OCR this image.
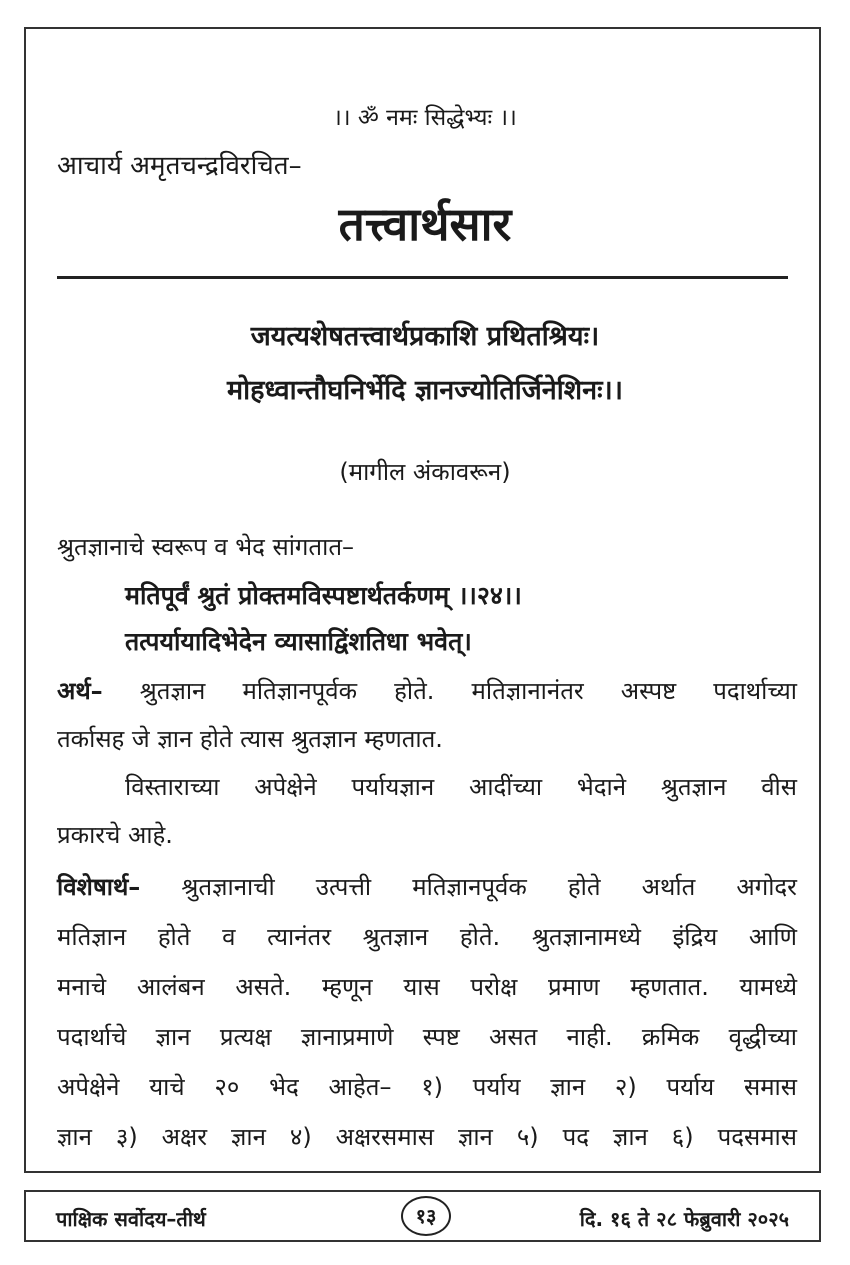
।। ॐ नमः सिद्धेभ्यः ।।
आचार्य अमृतचन्द्रविरचित–
तत्त्वार्थसार
जयत्यशेषतत्त्वार्थप्रकाशि प्रथितश्रियः।
मोहध्वान्तौघनिर्भेदि ज्ञानज्योतिर्जिनेशिनः।।
(मागील अंकावरून)
श्रुतज्ञानाचे स्वरूप व भेद सांगतात–
मतिपूर्वं श्रुतं प्रोक्तमविस्पष्टार्थतर्कणम् ।।२४।।
तत्पर्यायादिभेदेन व्यासाद्विंशतिधा भवेत्।
अर्थ– श्रुतज्ञान मतिज्ञानपूर्वक होते. मतिज्ञानानंतर अस्पष्ट पदार्थाच्या
तर्कासह जे ज्ञान होते त्यास श्रुतज्ञान म्हणतात.
विस्ताराच्या अपेक्षेने पर्यायज्ञान आदींच्या भेदाने श्रुतज्ञान वीस
प्रकारचे आहे.
विशेषार्थ– श्रुतज्ञानाची उत्पत्ती मतिज्ञानपूर्वक होते अर्थात अगोदर
मतिज्ञान होते व त्यानंतर श्रुतज्ञान होते. श्रुतज्ञानामध्ये इंद्रिय आणि
मनाचे आलंबन असते. म्हणून यास परोक्ष प्रमाण म्हणतात. यामध्ये
पदार्थाचे ज्ञान प्रत्यक्ष ज्ञानाप्रमाणे स्पष्ट असत नाही. क्रमिक वृद्धीच्या
अपेक्षेने याचे २० भेद आहेत– १) पर्याय ज्ञान २) पर्याय समास
ज्ञान ३) अक्षर ज्ञान ४) अक्षरसमास ज्ञान ५) पद ज्ञान ६) पदसमास
पाक्षिक सर्वोदय–तीर्थ	१३	दि. १६ ते २८ फेब्रुवारी २०२५
